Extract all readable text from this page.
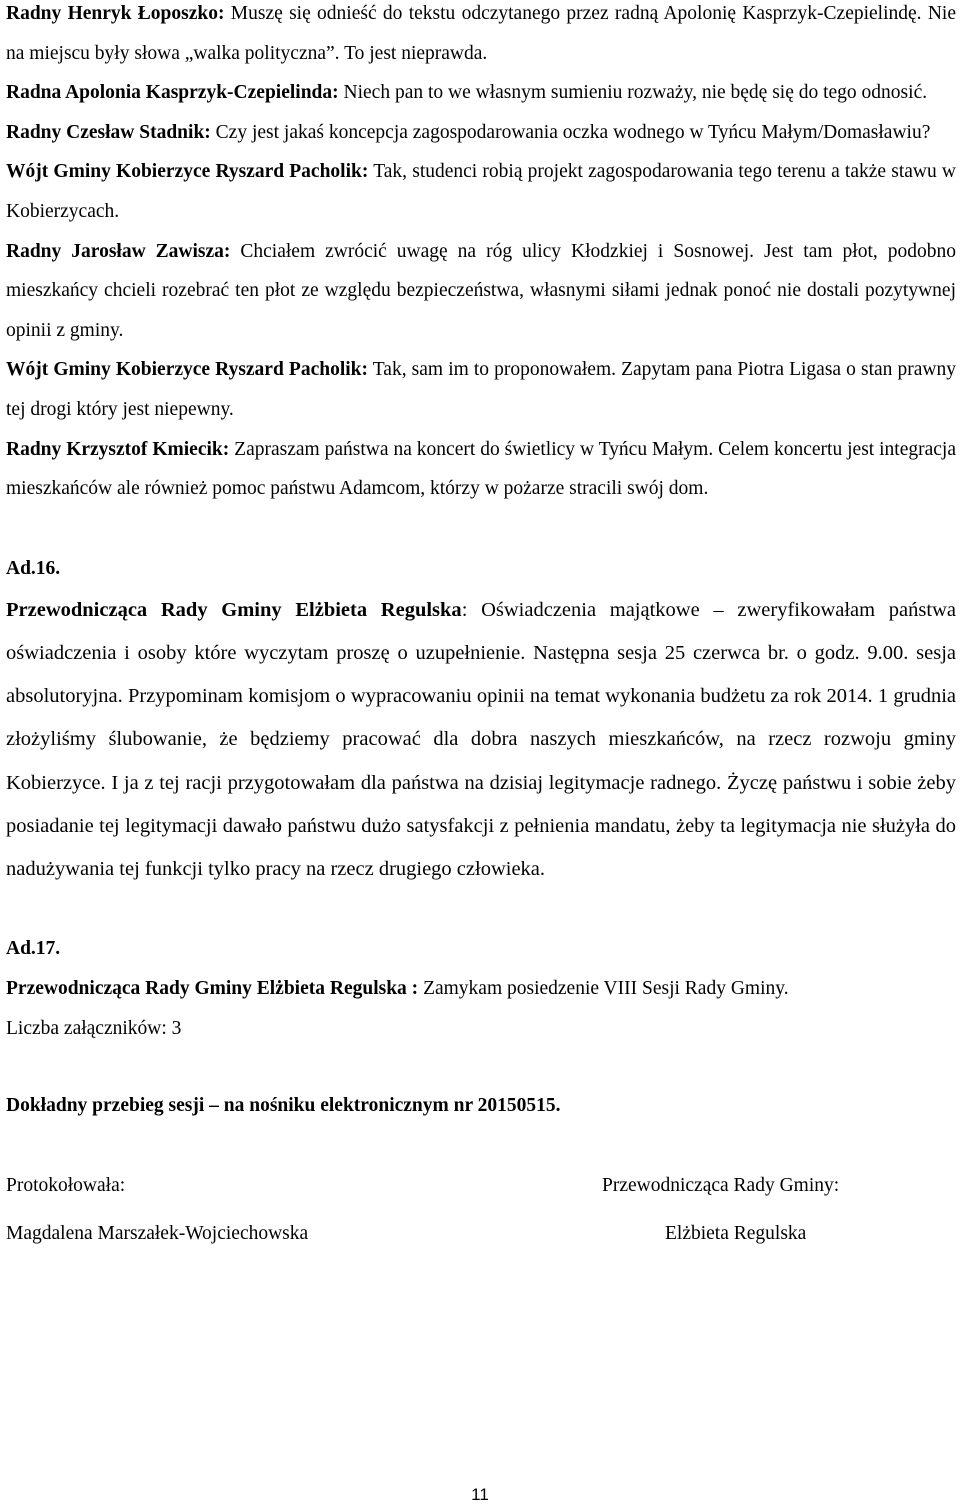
Radny Henryk Łoposzko: Muszę się odnieść do tekstu odczytanego przez radną Apolonię Kasprzyk-Czepielindę. Nie na miejscu były słowa „walka polityczna”. To jest nieprawda.

Radna Apolonia Kasprzyk-Czepielinda: Niech pan to we własnym sumieniu rozważy, nie będę się do tego odnosić.

Radny Czesław Stadnik: Czy jest jakaś koncepcja zagospodarowania oczka wodnego w Tyńcu Małym/Domasławiu?

Wójt Gminy Kobierzyce Ryszard Pacholik: Tak, studenci robią projekt zagospodarowania tego terenu a także stawu w Kobierzycach.

Radny Jarosław Zawisza: Chciałem zwrócić uwagę na róg ulicy Kłodzkiej i Sosnowej. Jest tam płot, podobno mieszkańcy chcieli rozebrać ten płot ze względu bezpieczeństwa, własnymi siłami jednak ponoć nie dostali pozytywnej opinii z gminy.

Wójt Gminy Kobierzyce Ryszard Pacholik: Tak, sam im to proponowałem. Zapytam pana Piotra Ligasa o stan prawny tej drogi który jest niepewny.

Radny Krzysztof Kmiecik: Zapraszam państwa na koncert do świetlicy w Tyńcu Małym. Celem koncertu jest integracja mieszkańców ale również pomoc państwu Adamcom, którzy w pożarze stracili swój dom.

Ad.16.

Przewodnicząca Rady Gminy Elżbieta Regulska: Oświadczenia majątkowe – zweryfikowałam państwa oświadczenia i osoby które wyczytam proszę o uzupełnienie. Następna sesja 25 czerwca br. o godz. 9.00. sesja absolutoryjna. Przypominam komisjom o wypracowaniu opinii na temat wykonania budżetu za rok 2014. 1 grudnia złożyliśmy ślubowanie, że będziemy pracować dla dobra naszych mieszkańców, na rzecz rozwoju gminy Kobierzyce. I ja z tej racji przygotowałam dla państwa na dzisiaj legitymacje radnego. Życzę państwu i sobie żeby posiadanie tej legitymacji dawało państwu dużo satysfakcji z pełnienia mandatu, żeby ta legitymacja nie służyła do nadużywania tej funkcji tylko pracy na rzecz drugiego człowieka.

Ad.17.

Przewodnicząca Rady Gminy Elżbieta Regulska : Zamykam posiedzenie VIII Sesji Rady Gminy.

Liczba załączników: 3

Dokładny przebieg sesji – na nośniku elektronicznym nr 20150515.

Protokołowała:
Magdalena Marszałek-Wojciechowska
Przewodnicząca Rady Gminy:
Elżbieta Regulska
11
